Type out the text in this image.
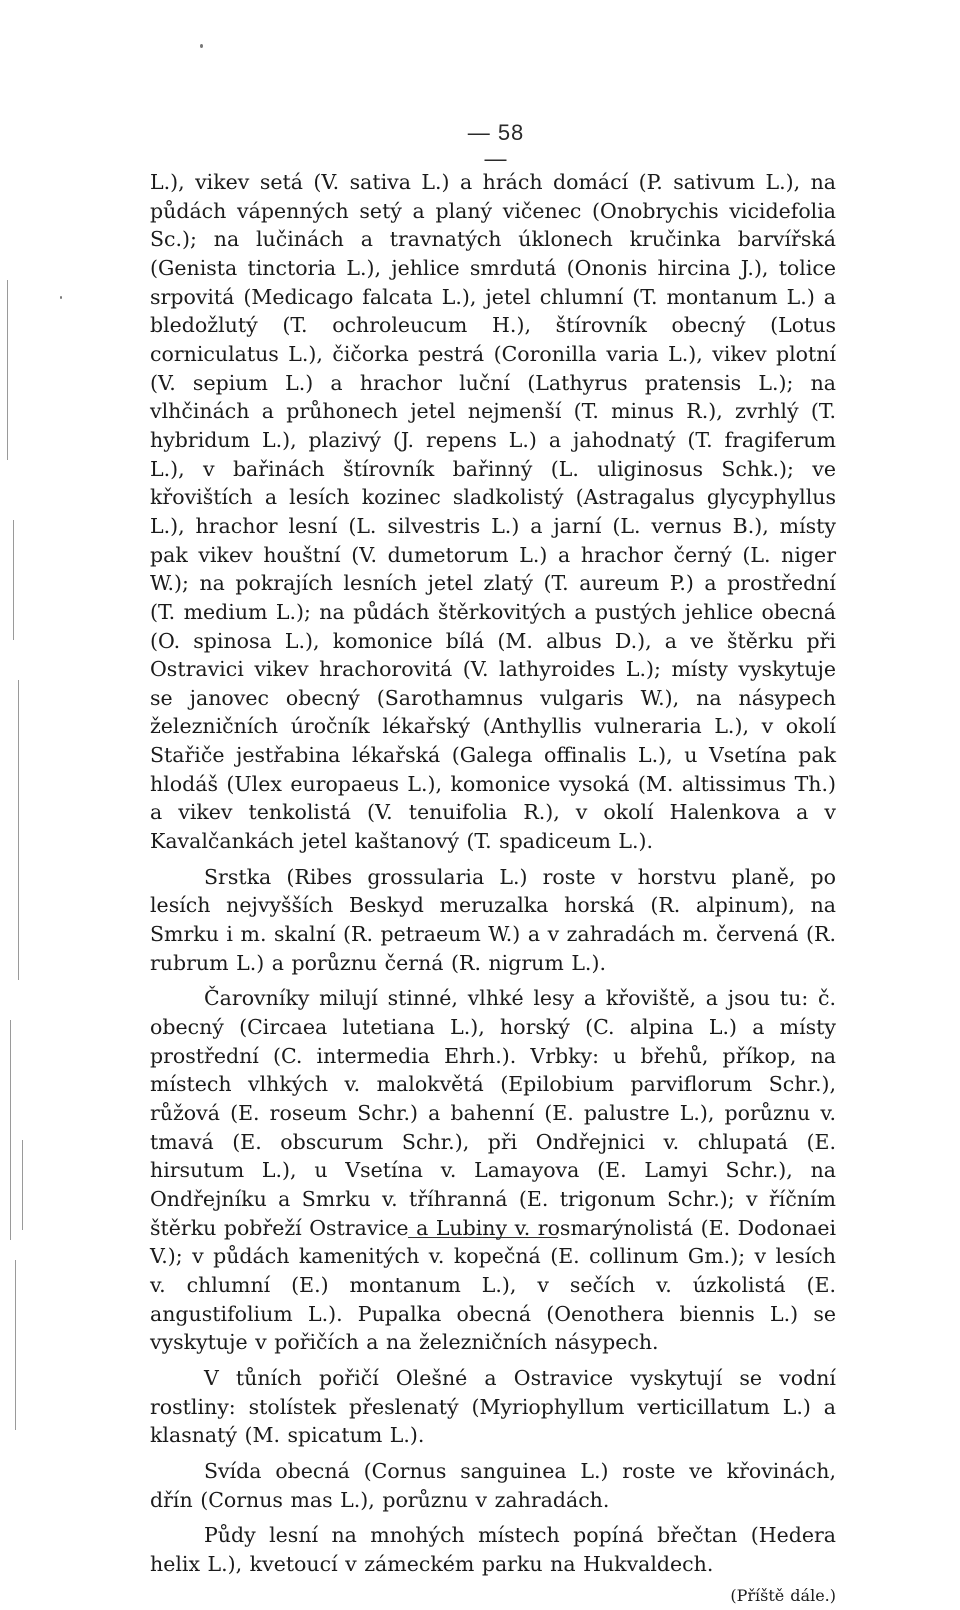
— 58 —

L.), vikev setá (V. sativa L.) a hrách domácí (P. sativum L.), na půdách vápenných setý a planý vičenec (Onobrychis vicidefolia Sc.); na lučinách a travnatých úklonech kručinka barvířská (Genista tinctoria L.), jehlice smrdutá (Ononis hircina J.), tolice srpovitá (Medicago falcata L.), jetel chlumní (T. montanum L.) a bledožlutý (T. ochroleucum H.), štírovník obecný (Lotus corniculatus L.), čičorka pestrá (Coronilla varia L.), vikev plotní (V. sepium L.) a hrachor luční (Lathyrus pratensis L.); na vlhčinách a průhonech jetel nejmenší (T. minus R.), zvrhlý (T. hybridum L.), plazivý (J. repens L.) a jahodnatý (T. fragiferum L.), v bařinách štírovník bařinný (L. uliginosus Schk.); ve křovištích a lesích kozinec sladkolistý (Astragalus glycyphyllus L.), hrachor lesní (L. silvestris L.) a jarní (L. vernus B.), místy pak vikev houštní (V. dumetorum L.) a hrachor černý (L. niger W.); na pokrajích lesních jetel zlatý (T. aureum P.) a prostřední (T. medium L.); na půdách štěrkovitých a pustých jehlice obecná (O. spinosa L.), komonice bílá (M. albus D.), a ve štěrku při Ostravici vikev hrachorovitá (V. lathyroides L.); místy vyskytuje se janovec obecný (Sarothamnus vulgaris W.), na násypech železničních úročník lékařský (Anthyllis vulneraria L.), v okolí Stařiče jestřabina lékařská (Galega offinalis L.), u Vsetína pak hlodáš (Ulex europaeus L.), komonice vysoká (M. altissimus Th.) a vikev tenkolistá (V. tenuifolia R.), v okolí Halenkova a v Kavalčankách jetel kaštanový (T. spadiceum L.).

Srstka (Ribes grossularia L.) roste v horstvu planě, po lesích nejvyšších Beskyd meruzalka horská (R. alpinum), na Smrku i m. skalní (R. petraeum W.) a v zahradách m. červená (R. rubrum L.) a porůznu černá (R. nigrum L.).

Čarovníky milují stinné, vlhké lesy a křoviště, a jsou tu: č. obecný (Circaea lutetiana L.), horský (C. alpina L.) a místy prostřední (C. intermedia Ehrh.). Vrbky: u břehů, příkop, na místech vlhkých v. malokvětá (Epilobium parviflorum Schr.), růžová (E. roseum Schr.) a bahenní (E. palustre L.), porůznu v. tmavá (E. obscurum Schr.), při Ondřejnici v. chlupatá (E. hirsutum L.), u Vsetína v. Lamayova (E. Lamyi Schr.), na Ondřejníku a Smrku v. tříhranná (E. trigonum Schr.); v říčním štěrku pobřeží Ostravice a Lubiny v. rosmarýnolistá (E. Dodonaei V.); v půdách kamenitých v. kopečná (E. collinum Gm.); v lesích v. chlumní (E.) montanum L.), v sečích v. úzkolistá (E. angustifolium L.). Pupalka obecná (Oenothera biennis L.) se vyskytuje v pořičích a na železničních násypech.

V tůních pořičí Olešné a Ostravice vyskytují se vodní rostliny: stolístek přeslenatý (Myriophyllum verticillatum L.) a klasnatý (M. spicatum L.).

Svída obecná (Cornus sanguinea L.) roste ve křovinách, dřín (Cornus mas L.), porůznu v zahradách.

Půdy lesní na mnohých místech popíná břečtan (Hedera helix L.), kvetoucí v zámeckém parku na Hukvaldech.
(Příště dále.)
